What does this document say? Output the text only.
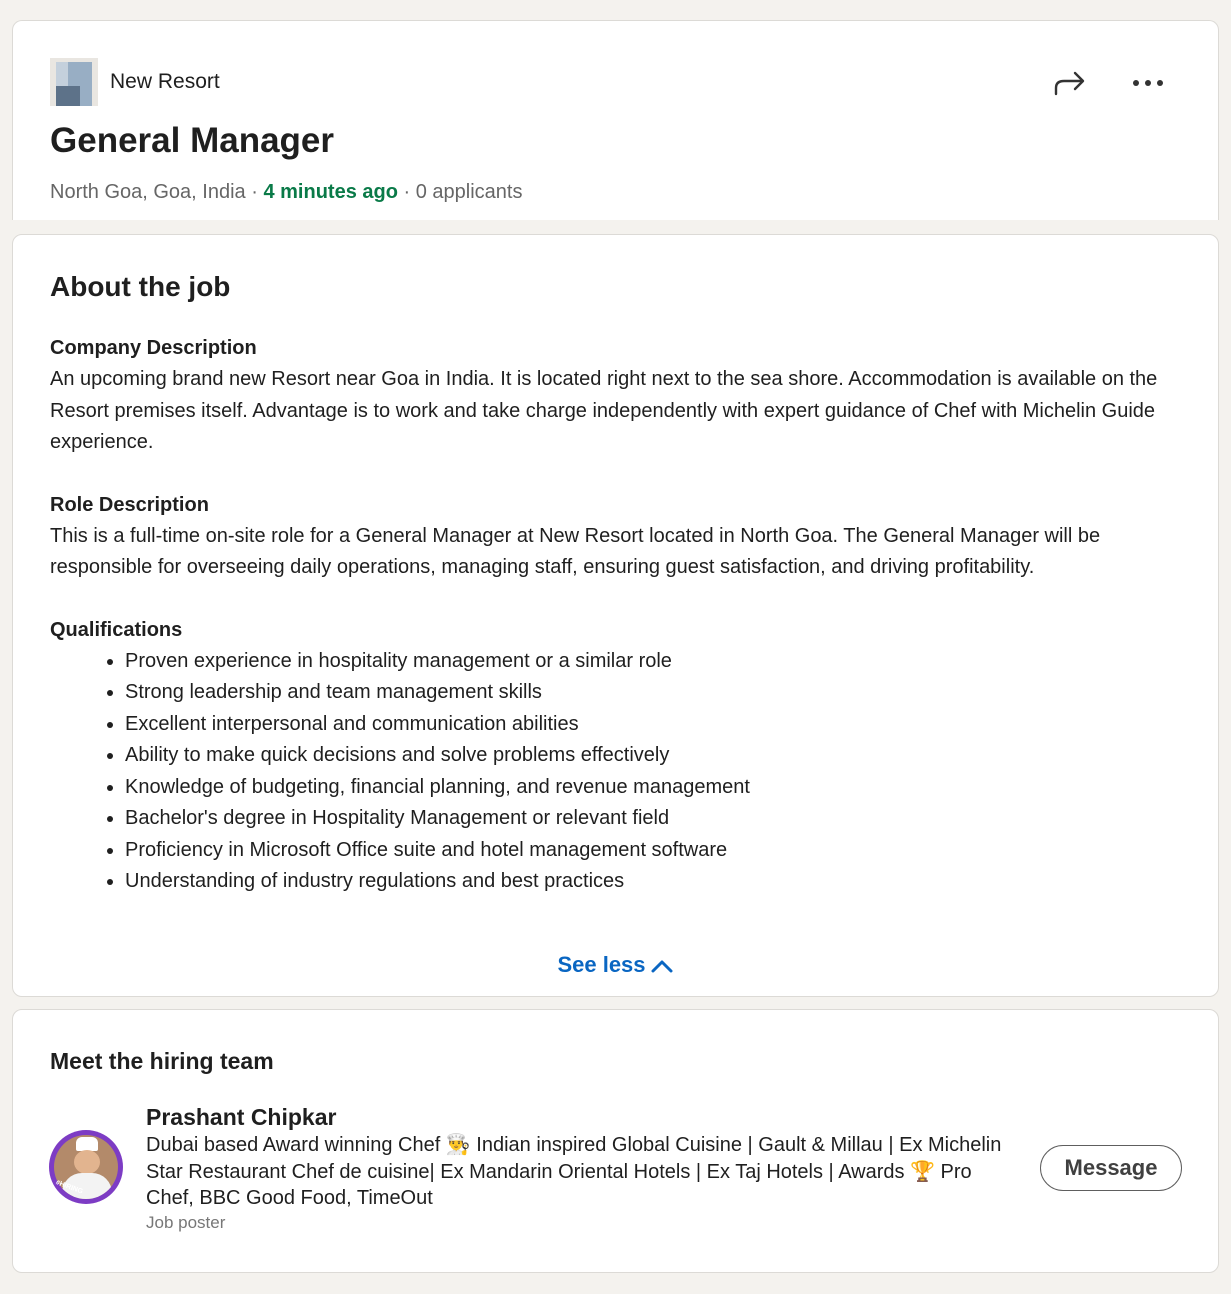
New Resort
General Manager
North Goa, Goa, India · 4 minutes ago · 0 applicants
About the job
Company Description
An upcoming brand new Resort near Goa in India. It is located right next to the sea shore. Accommodation is available on the Resort premises itself. Advantage is to work and take charge independently with expert guidance of Chef with Michelin Guide experience.
Role Description
This is a full-time on-site role for a General Manager at New Resort located in North Goa. The General Manager will be responsible for overseeing daily operations, managing staff, ensuring guest satisfaction, and driving profitability.
Qualifications
• Proven experience in hospitality management or a similar role
• Strong leadership and team management skills
• Excellent interpersonal and communication abilities
• Ability to make quick decisions and solve problems effectively
• Knowledge of budgeting, financial planning, and revenue management
• Bachelor's degree in Hospitality Management or relevant field
• Proficiency in Microsoft Office suite and hotel management software
• Understanding of industry regulations and best practices
See less
Meet the hiring team
#HIRING
Prashant Chipkar
Dubai based Award winning Chef 👨‍🍳 Indian inspired Global Cuisine | Gault & Millau | Ex Michelin Star Restaurant Chef de cuisine| Ex Mandarin Oriental Hotels | Ex Taj Hotels | Awards 🏆 Pro Chef, BBC Good Food, TimeOut
Job poster
Message
